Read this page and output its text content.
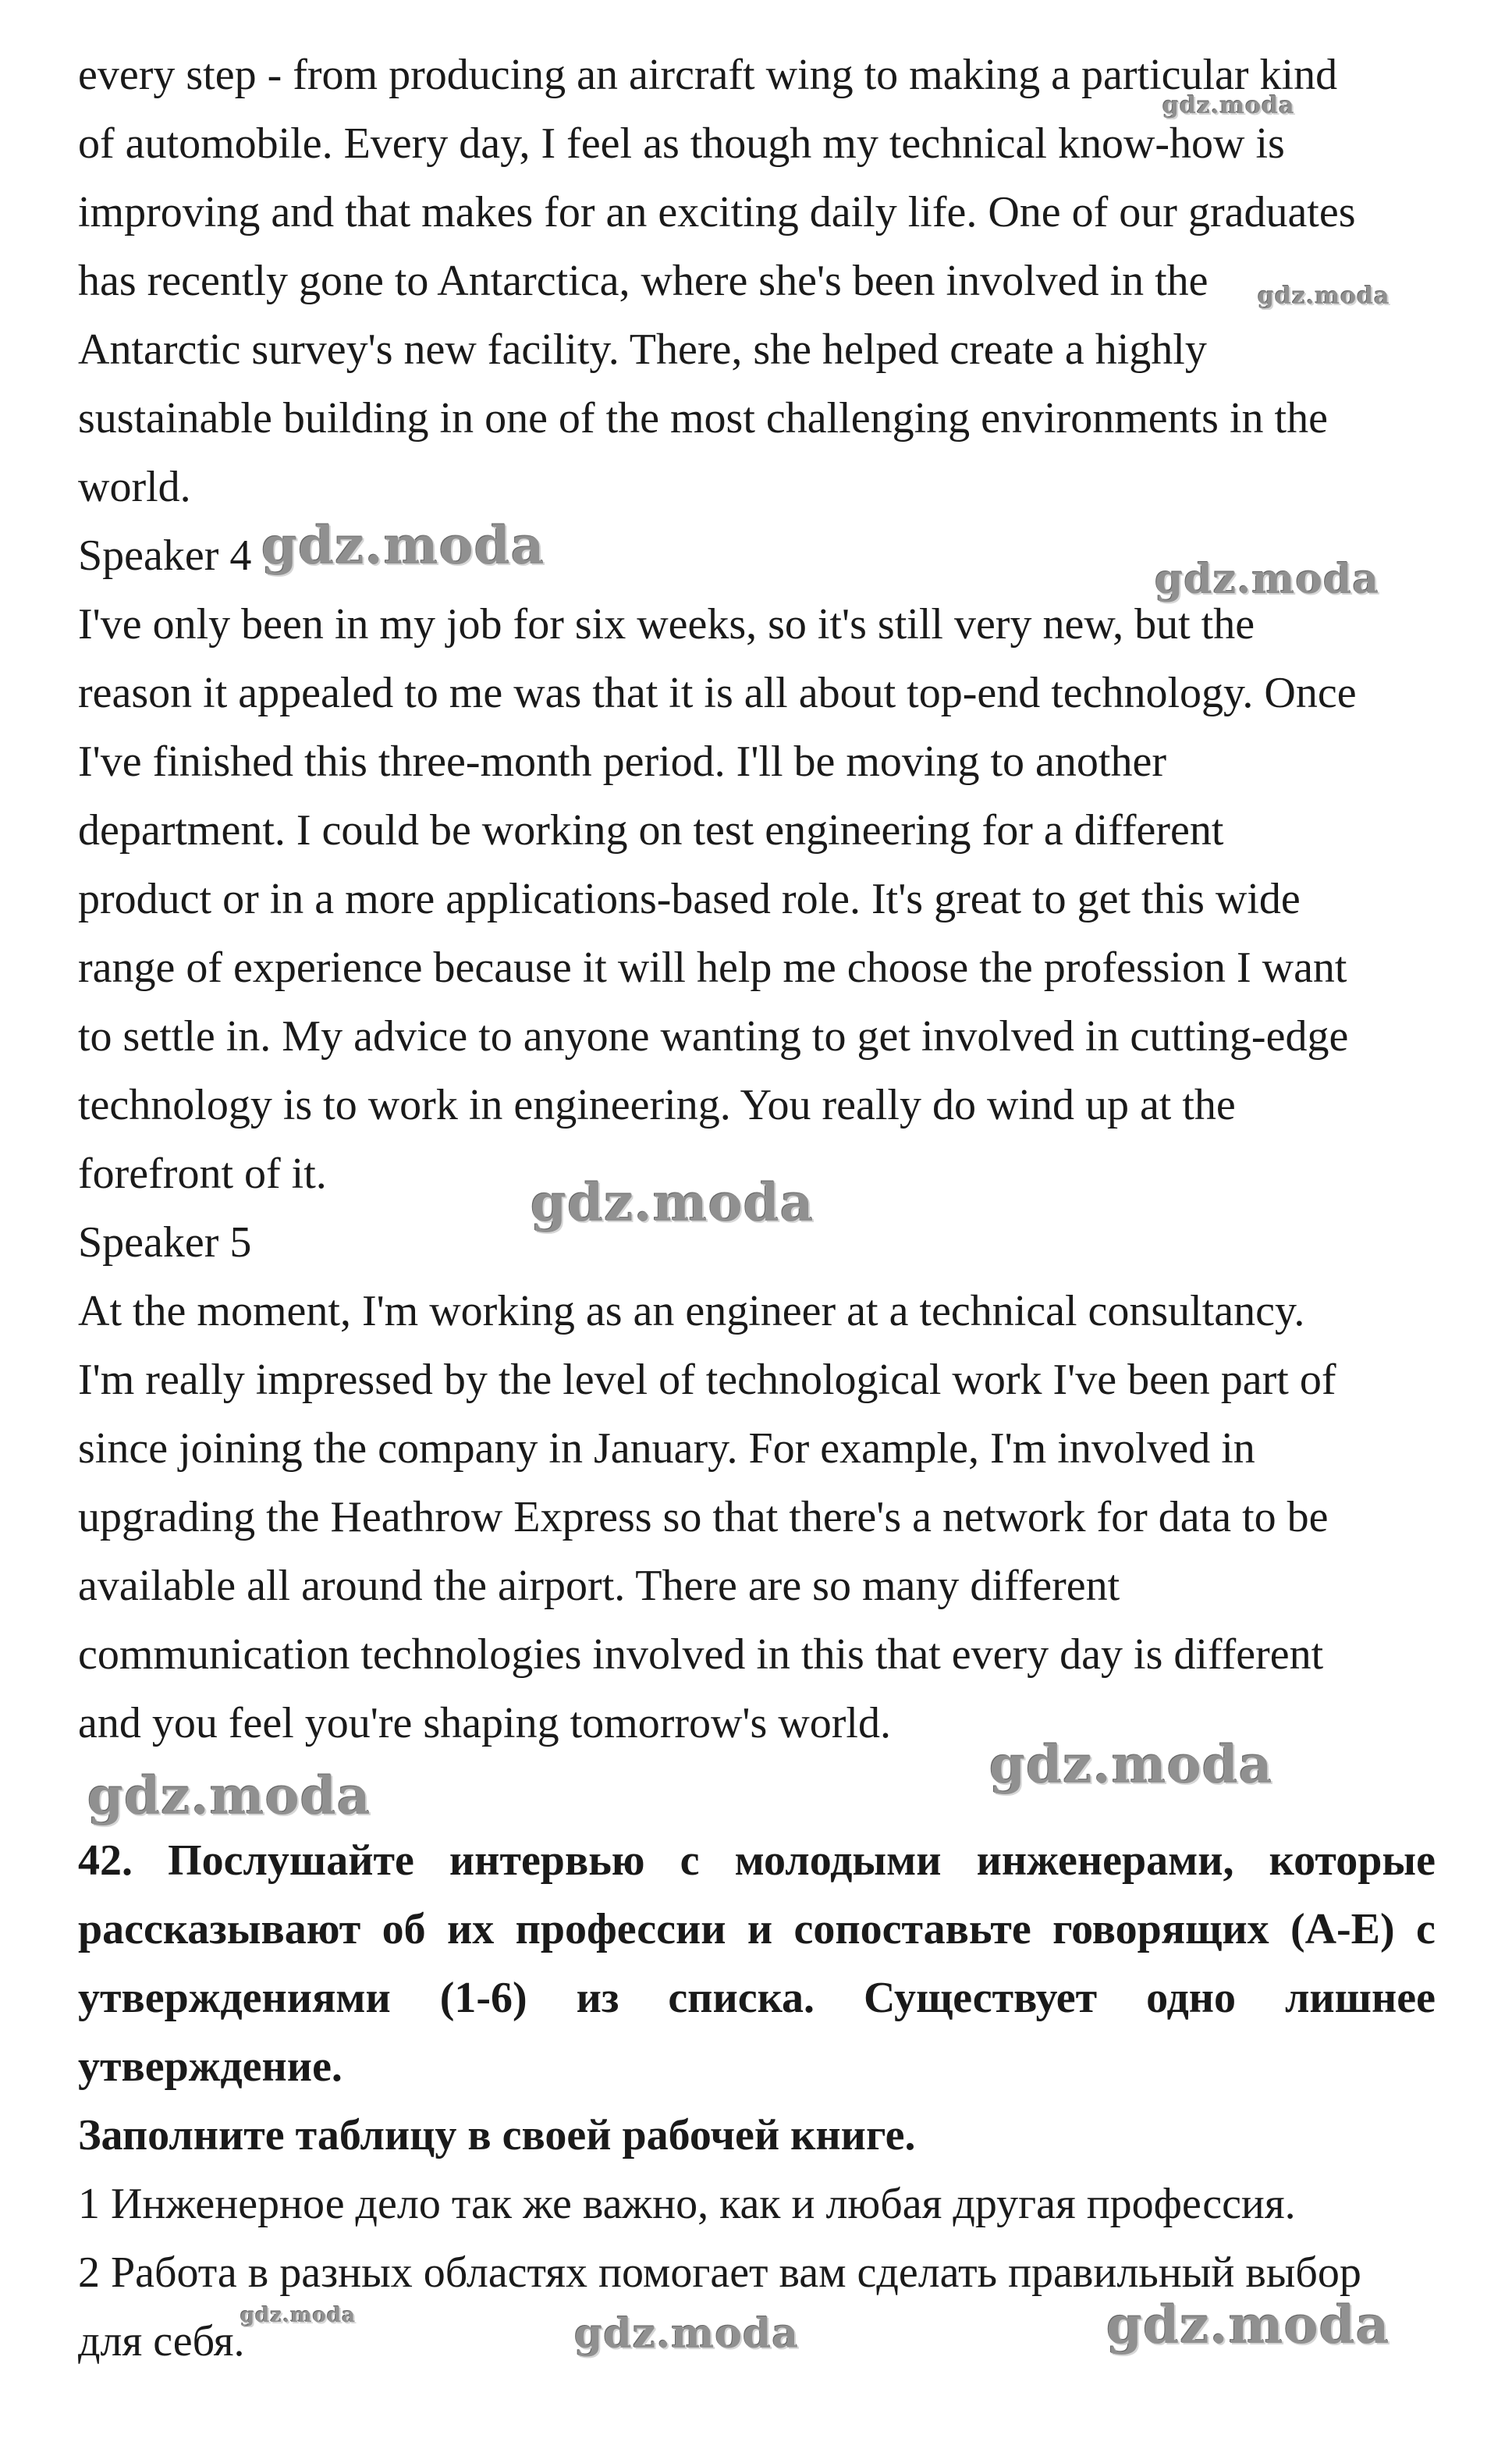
every step - from producing an aircraft wing to making a particular kind
of automobile. Every day, I feel as though my technical know-how is
improving and that makes for an exciting daily life. One of our graduates
has recently gone to Antarctica, where she's been involved in the
Antarctic survey's new facility. There, she helped create a highly
sustainable building in one of the most challenging environments in the
world.
Speaker 4
I've only been in my job for six weeks, so it's still very new, but the
reason it appealed to me was that it is all about top-end technology. Once
I've finished this three-month period. I'll be moving to another
department. I could be working on test engineering for a different
product or in a more applications-based role. It's great to get this wide
range of experience because it will help me choose the profession I want
to settle in. My advice to anyone wanting to get involved in cutting-edge
technology is to work in engineering. You really do wind up at the
forefront of it.
Speaker 5
At the moment, I'm working as an engineer at a technical consultancy.
I'm really impressed by the level of technological work I've been part of
since joining the company in January. For example, I'm involved in
upgrading the Heathrow Express so that there's a network for data to be
available all around the airport. There are so many different
communication technologies involved in this that every day is different
and you feel you're shaping tomorrow's world.
42. Послушайте интервью с молодыми инженерами, которые
рассказывают об их профессии и сопоставьте говорящих (A-E) с
утверждениями (1-6) из списка. Существует одно лишнее
утверждение.
Заполните таблицу в своей рабочей книге.
1 Инженерное дело так же важно, как и любая другая профессия.
2 Работа в разных областях помогает вам сделать правильный выбор
для себя.
gdz.moda
gdz.moda
gdz.moda
gdz.moda
gdz.moda
gdz.moda
gdz.moda
gdz.moda	gdz.moda	gdz.moda
